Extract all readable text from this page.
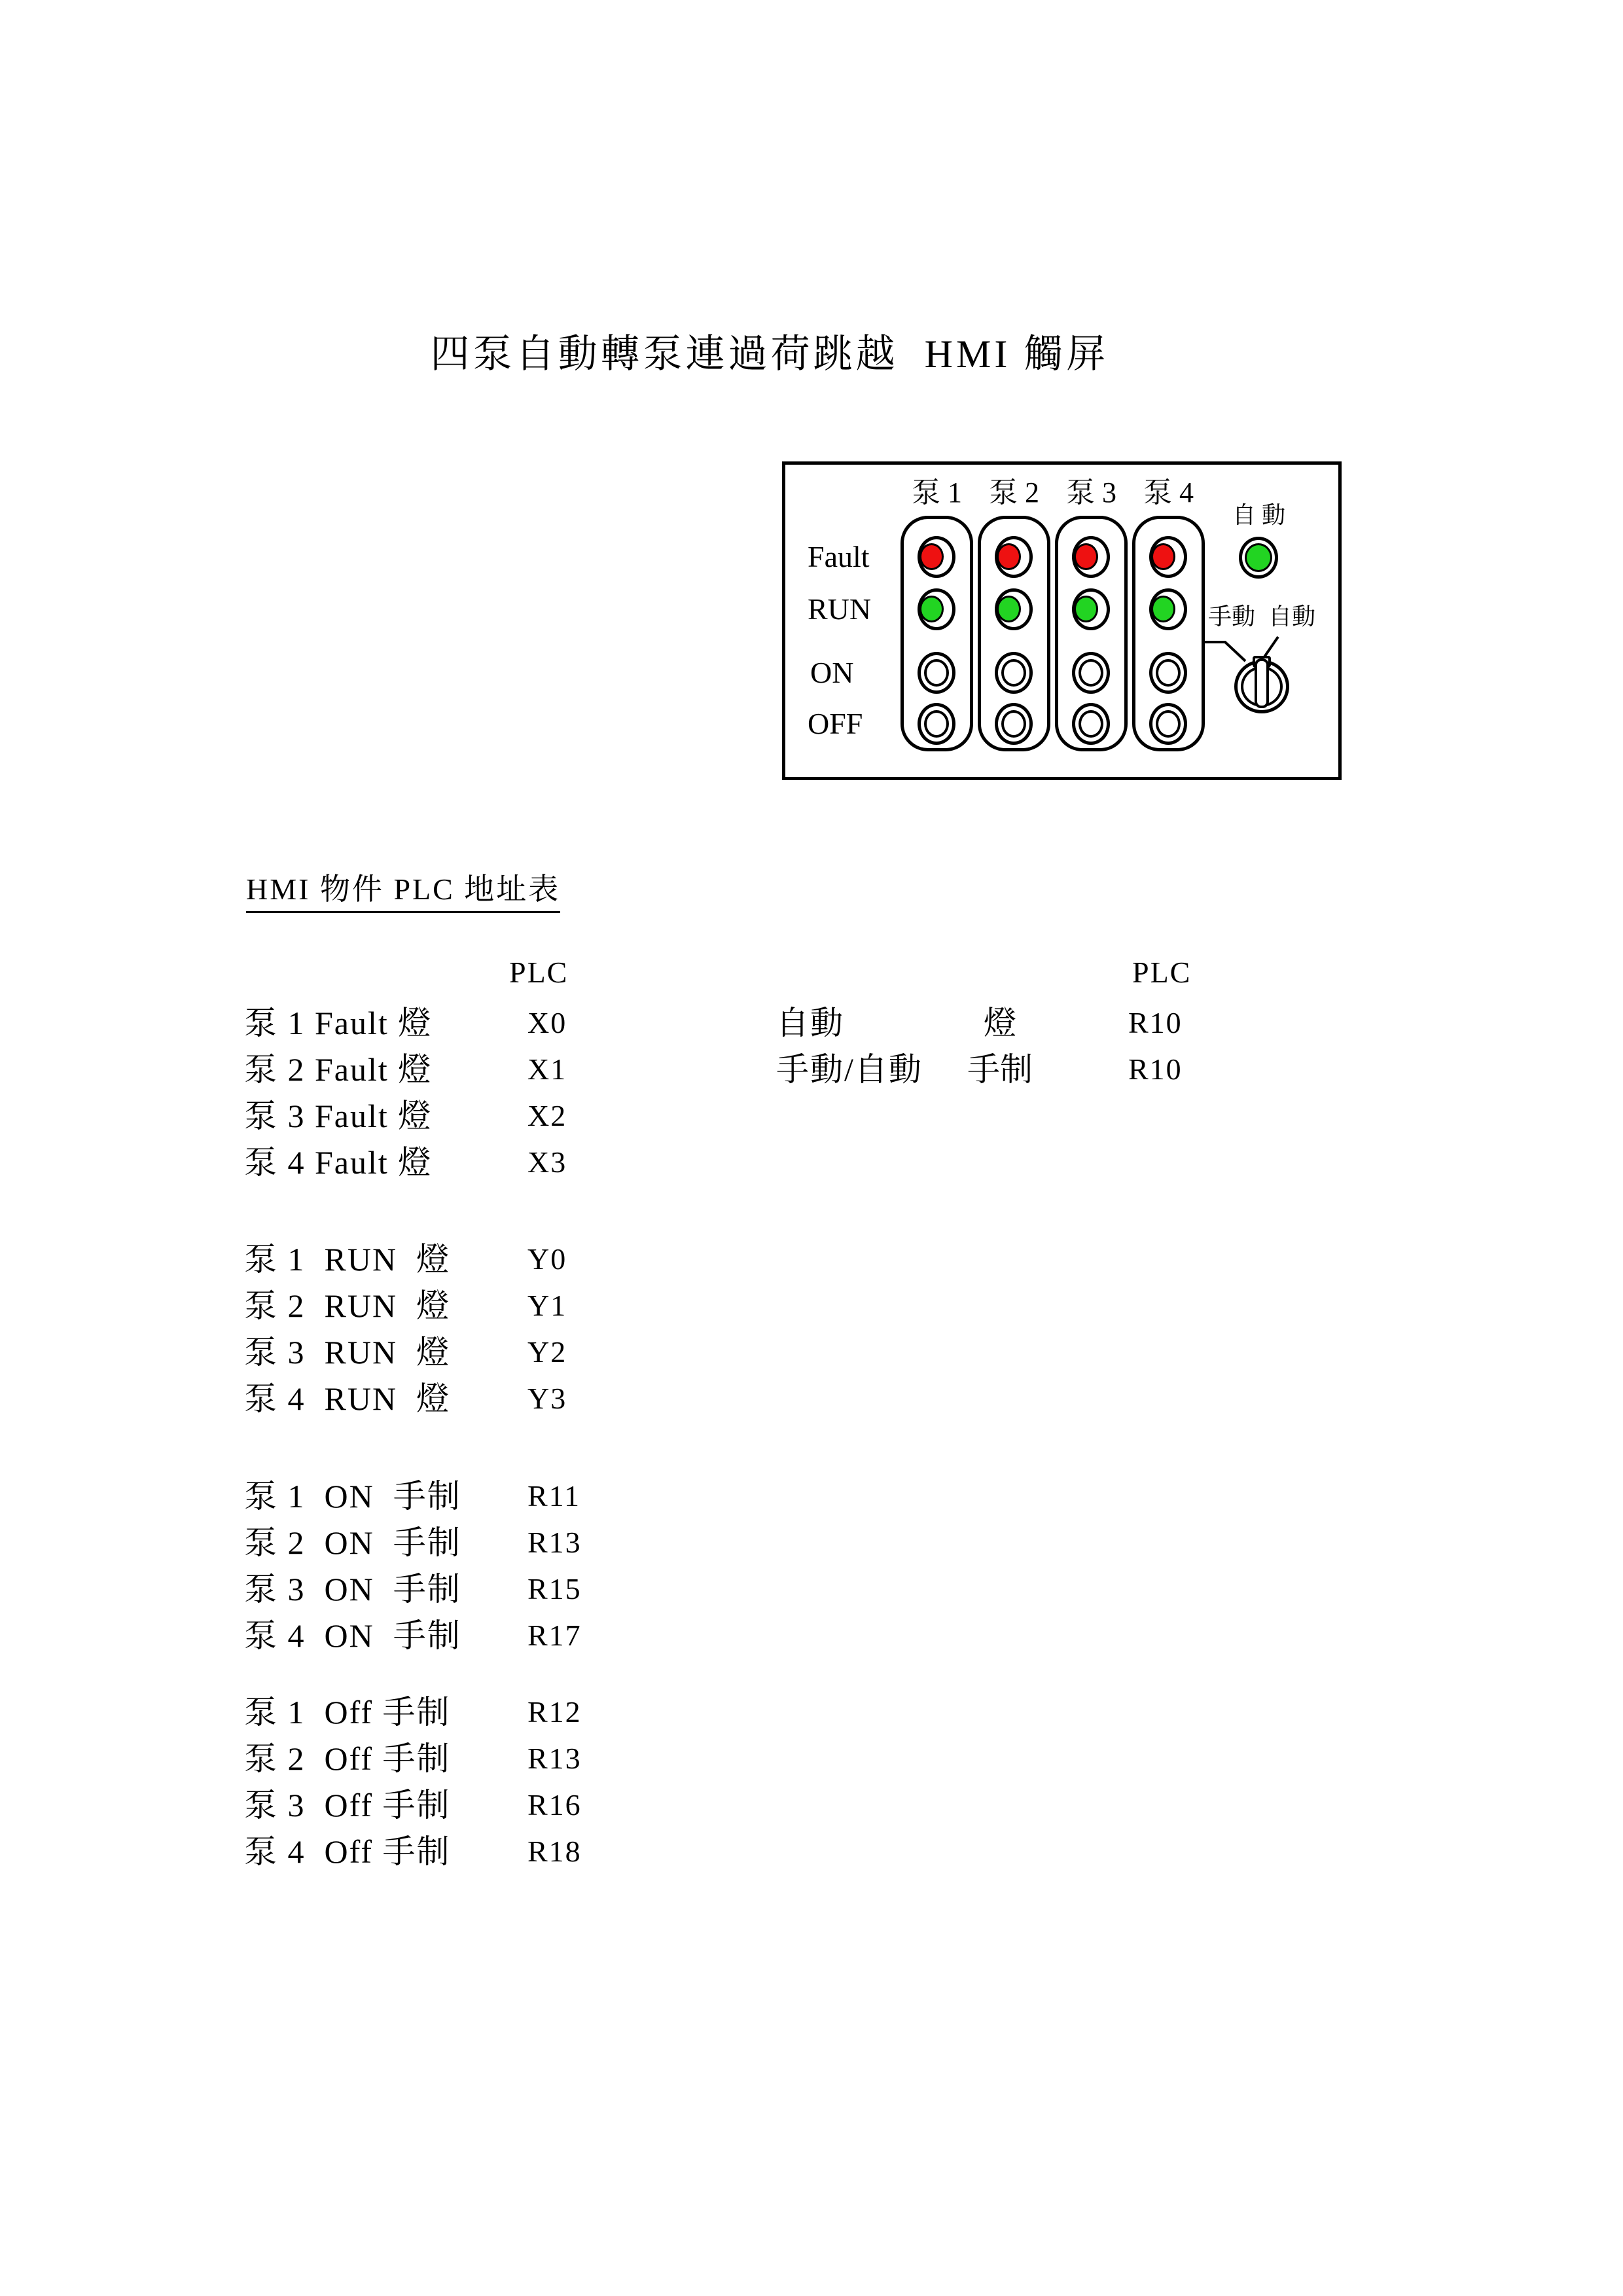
四泵自動轉泵連過荷跳越  HMI 觸屏
泵 1 泵 2 泵 3 泵 4
Fault
RUN
ON
OFF
自 動
手動 自動
HMI 物件 PLC 地址表
PLC	PLC
泵 1 Fault 燈	X0
泵 2 Fault 燈	X1
泵 3 Fault 燈	X2
泵 4 Fault 燈	X3
泵 1  RUN  燈	Y0
泵 2  RUN  燈	Y1
泵 3  RUN  燈	Y2
泵 4  RUN  燈	Y3
泵 1  ON  手制 R11
泵 2  ON  手制 R13
泵 3  ON  手制 R15
泵 4  ON  手制 R17
泵 1  Off 手制	R12
泵 2  Off 手制	R13
泵 3  Off 手制	R16
泵 4  Off 手制	R18
自動	燈	R10
手動/自動 手制	R10
